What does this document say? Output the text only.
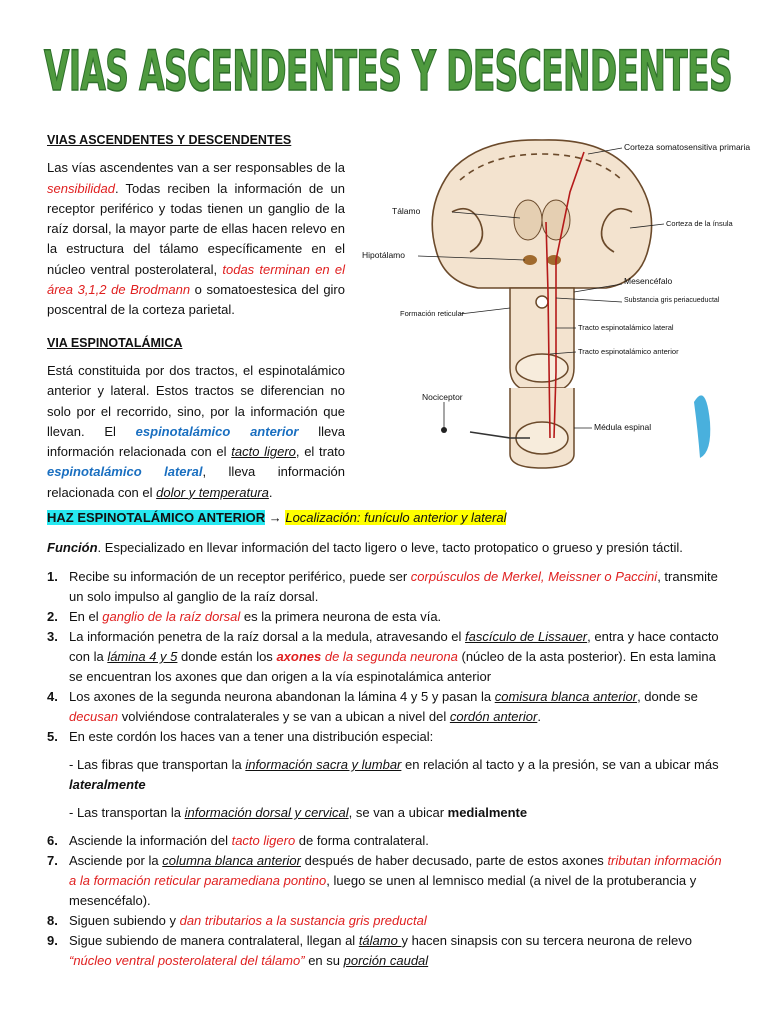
VIAS ASCENDENTES Y DESCENDENTES

VIAS ASCENDENTES Y DESCENDENTES

Las vías ascendentes van a ser responsables de la sensibilidad. Todas reciben la información de un receptor periférico y todas tienen un ganglio de la raíz dorsal, la mayor parte de ellas hacen relevo en la estructura del tálamo específicamente en el núcleo ventral posterolateral, todas terminan en el área 3,1,2 de Brodmann o somatoestesica del giro poscentral de la corteza parietal.

VIA ESPINOTALÁMICA

Está constituida por dos tractos, el espinotalámico anterior y lateral. Estos tractos se diferencian no solo por el recorrido, sino, por la información que llevan. El espinotalámico anterior lleva información relacionada con el tacto ligero, el trato espinotalámico lateral, lleva información relacionada con el dolor y temperatura.

Corteza somatosensitiva primaria
Tálamo
Corteza de la ínsula
Hipotálamo
Mesencéfalo
Substancia gris periacueductal
Formación reticular
Tracto espinotalámico lateral
Tracto espinotalámico anterior
Nociceptor
Médula espinal
HAZ ESPINOTALÁMICO ANTERIOR → Localización: funículo anterior y lateral
Función. Especializado en llevar información del tacto ligero o leve, tacto protopatico o grueso y presión táctil.
1. Recibe su información de un receptor periférico, puede ser corpúsculos de Merkel, Meissner o Paccini, transmite un solo impulso al ganglio de la raíz dorsal.
2. En el ganglio de la raíz dorsal es la primera neurona de esta vía.
3. La información penetra de la raíz dorsal a la medula, atravesando el fascículo de Lissauer, entra y hace contacto con la lámina 4 y 5 donde están los axones de la segunda neurona (núcleo de la asta posterior). En esta lamina se encuentran los axones que dan origen a la vía espinotalámica anterior
4. Los axones de la segunda neurona abandonan la lámina 4 y 5 y pasan la comisura blanca anterior, donde se decusan volviéndose contralaterales y se van a ubican a nivel del cordón anterior.
5. En este cordón los haces van a tener una distribución especial:

- Las fibras que transportan la información sacra y lumbar en relación al tacto y a la presión, se van a ubicar más lateralmente

- Las transportan la información dorsal y cervical, se van a ubicar medialmente

6. Asciende la información del tacto ligero de forma contralateral.
7. Asciende por la columna blanca anterior después de haber decusado, parte de estos axones tributan información a la formación reticular paramediana pontino, luego se unen al lemnisco medial (a nivel de la protuberancia y mesencéfalo).
8. Siguen subiendo y dan tributarios a la sustancia gris preductal
9. Sigue subiendo de manera contralateral, llegan al tálamo y hacen sinapsis con su tercera neurona de relevo “núcleo ventral posterolateral del tálamo” en su porción caudal
